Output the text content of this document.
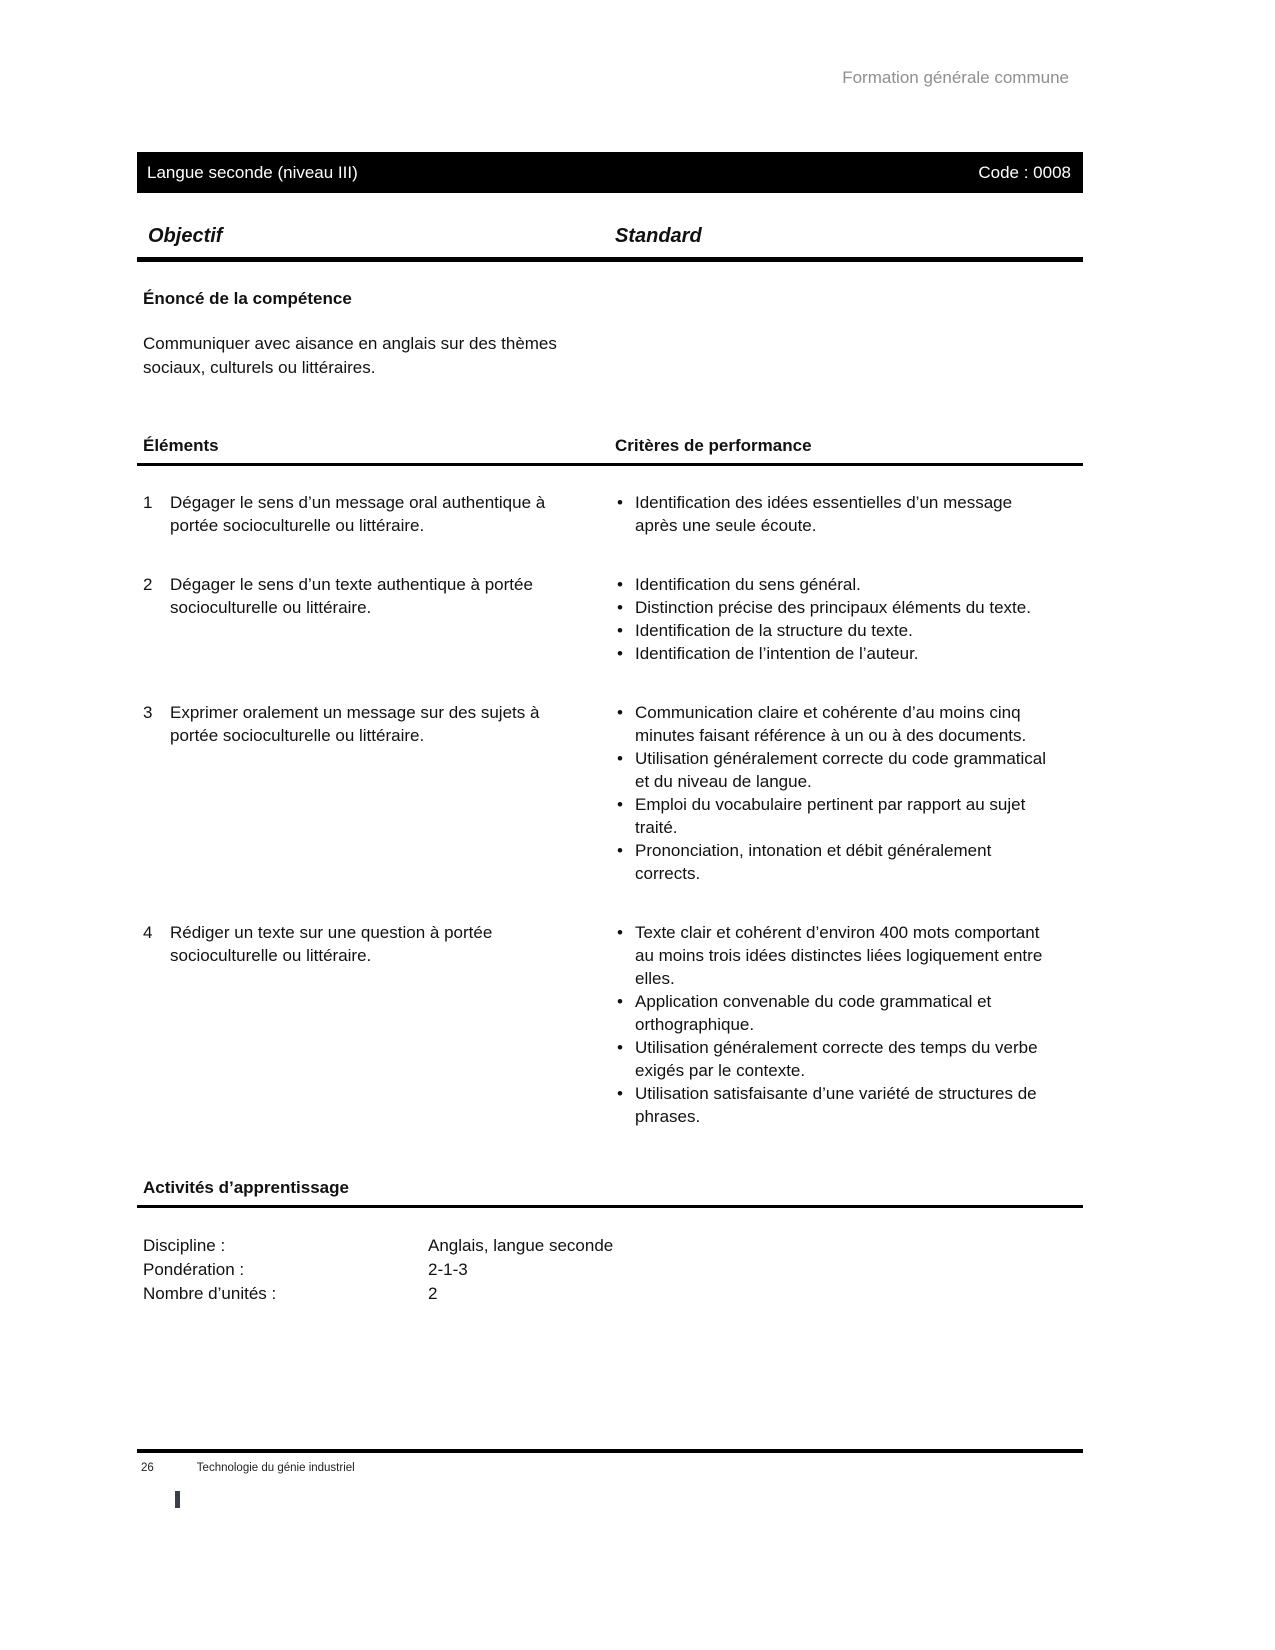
Formation générale commune
Langue seconde (niveau III)	Code : 0008
Objectif	Standard
Énoncé de la compétence
Communiquer avec aisance en anglais sur des thèmes sociaux, culturels ou littéraires.
Éléments	Critères de performance
1	Dégager le sens d’un message oral authentique à portée socioculturelle ou littéraire.
• Identification des idées essentielles d’un message après une seule écoute.
2	Dégager le sens d’un texte authentique à portée socioculturelle ou littéraire.
• Identification du sens général.
• Distinction précise des principaux éléments du texte.
• Identification de la structure du texte.
• Identification de l’intention de l’auteur.
3	Exprimer oralement un message sur des sujets à portée socioculturelle ou littéraire.
• Communication claire et cohérente d’au moins cinq minutes faisant référence à un ou à des documents.
• Utilisation généralement correcte du code grammatical et du niveau de langue.
• Emploi du vocabulaire pertinent par rapport au sujet traité.
• Prononciation, intonation et débit généralement corrects.
4	Rédiger un texte sur une question à portée socioculturelle ou littéraire.
• Texte clair et cohérent d’environ 400 mots comportant au moins trois idées distinctes liées logiquement entre elles.
• Application convenable du code grammatical et orthographique.
• Utilisation généralement correcte des temps du verbe exigés par le contexte.
• Utilisation satisfaisante d’une variété de structures de phrases.
Activités d’apprentissage
Discipline :	Anglais, langue seconde
Pondération :	2-1-3
Nombre d’unités :	2
26	Technologie du génie industriel
